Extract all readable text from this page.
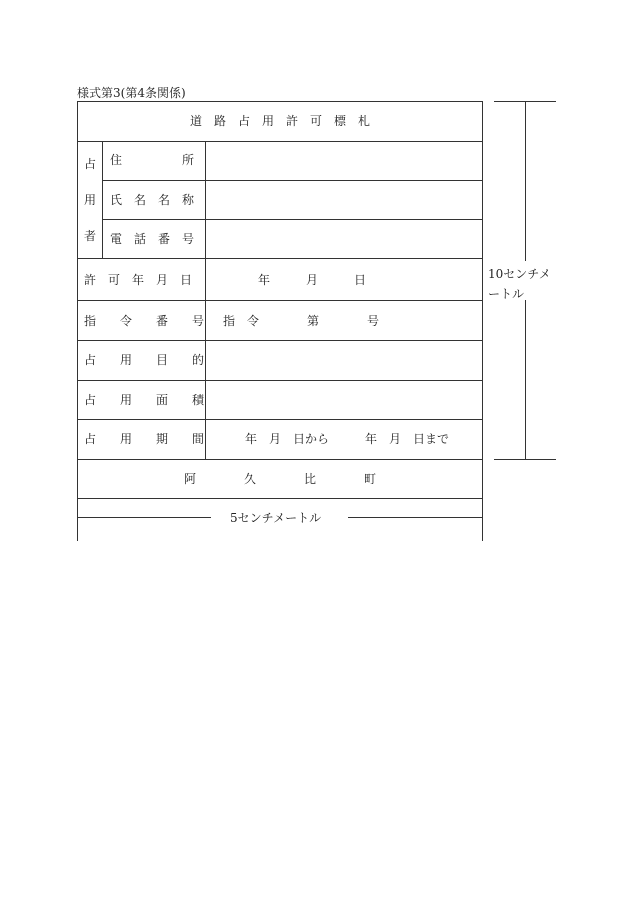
様式第3(第4条関係)
道　路　占　用　許　可　標　札
占
用
者
住　　　　　所
氏　名　名　称
電　話　番　号
許　可　年　月　日	年　　　月　　　日
指　　令　　番　　号 指　令　　　　第　　　　号
占　　用　　目　　的
占　　用　　面　　積
占　　用　　期　　間	年　月　日から　　　年　月　日まで
阿　　　　久　　　　比　　　　町
10センチメ
ートル
5センチメートル
